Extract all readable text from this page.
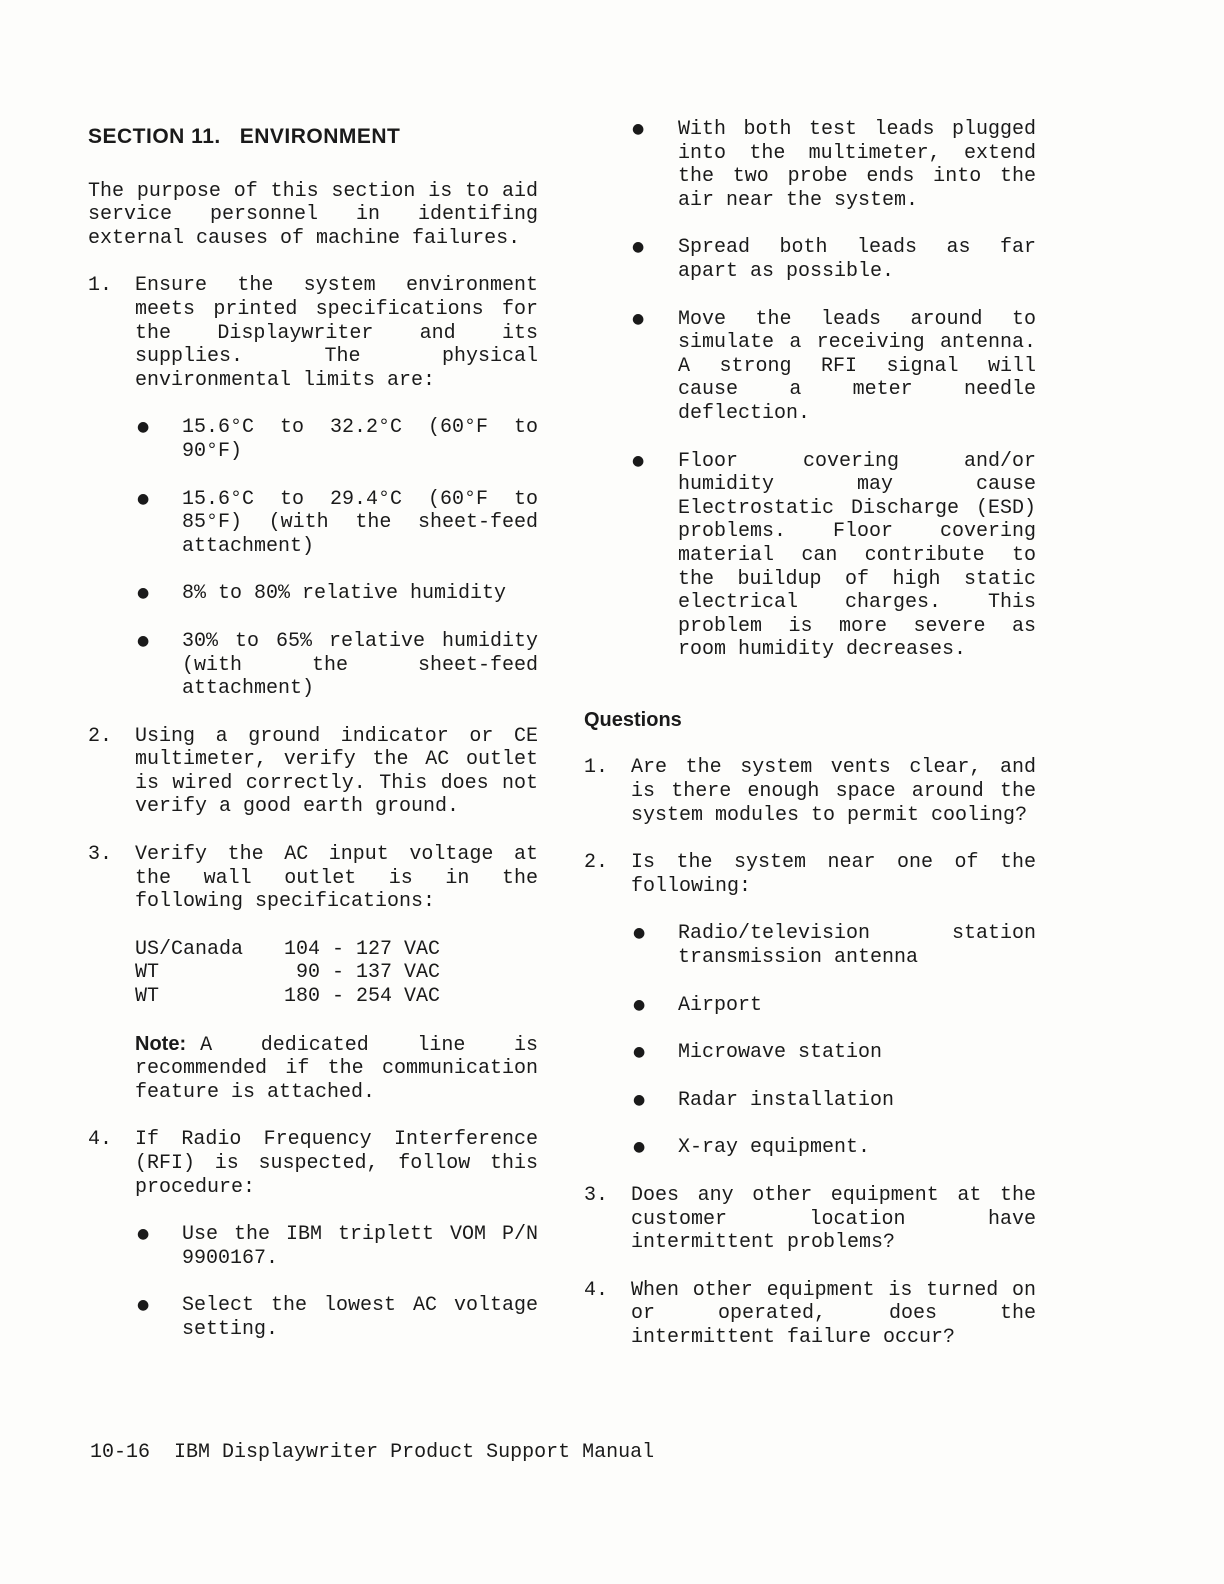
SECTION 11.   ENVIRONMENT

The purpose of this section is to aid service personnel in identifing external causes of machine failures.

1. Ensure the system environment meets printed specifications for the Displaywriter and its supplies. The physical environmental limits are:

● 15.6°C to 32.2°C (60°F to 90°F)

● 15.6°C to 29.4°C (60°F to 85°F) (with the sheet-feed attachment)

● 8% to 80% relative humidity

● 30% to 65% relative humidity (with the sheet-feed attachment)

2. Using a ground indicator or CE multimeter, verify the AC outlet is wired correctly. This does not verify a good earth ground.

3. Verify the AC input voltage at the wall outlet is in the following specifications:

US/Canada	104 - 127 VAC
WT	90 - 137 VAC
WT	180 - 254 VAC

Note: A dedicated line is recommended if the communication feature is attached.

4. If Radio Frequency Interference (RFI) is suspected, follow this procedure:

● Use the IBM triplett VOM P/N 9900167.

● Select the lowest AC voltage setting.

● With both test leads plugged into the multimeter, extend the two probe ends into the air near the system.

● Spread both leads as far apart as possible.

● Move the leads around to simulate a receiving antenna. A strong RFI signal will cause a meter needle deflection.

● Floor covering and/or humidity may cause Electrostatic Discharge (ESD) problems. Floor covering material can contribute to the buildup of high static electrical charges. This problem is more severe as room humidity decreases.

Questions
1. Are the system vents clear, and is there enough space around the system modules to permit cooling?

2. Is the system near one of the following:

● Radio/television station transmission antenna

● Airport

● Microwave station

● Radar installation

● X-ray equipment.

3. Does any other equipment at the customer location have intermittent problems?

4. When other equipment is turned on or operated, does the intermittent failure occur?

10-16 IBM Displaywriter Product Support Manual
